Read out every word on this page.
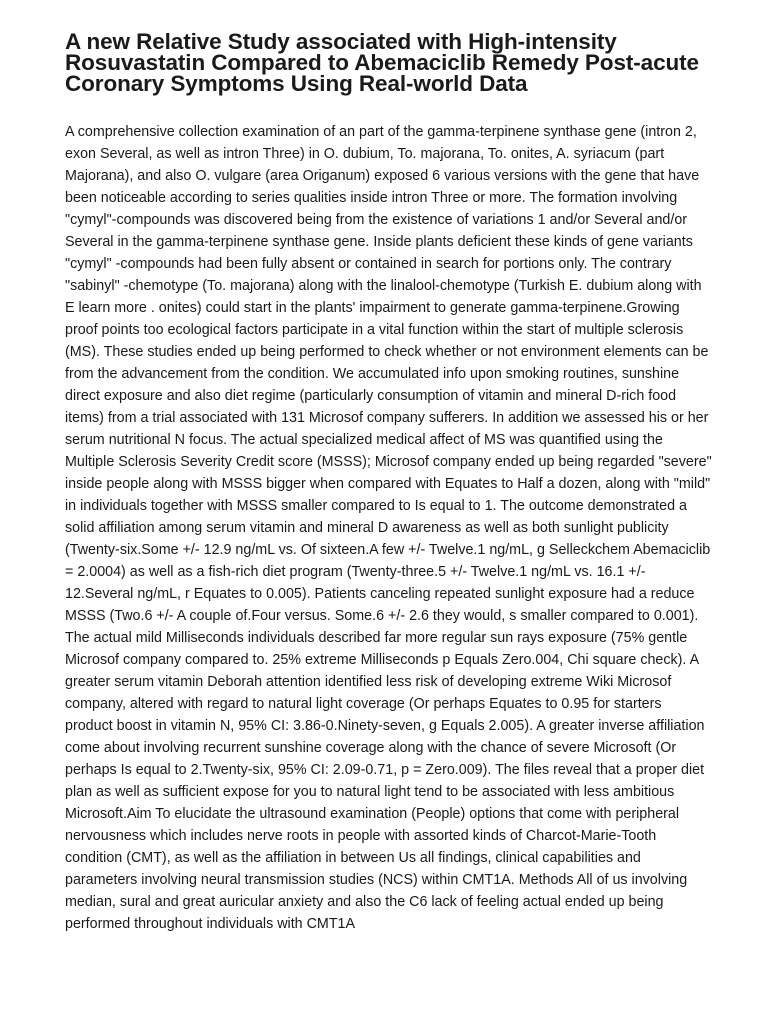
A new Relative Study associated with High-intensity Rosuvastatin Compared to Abemaciclib Remedy Post-acute Coronary Symptoms Using Real-world Data

A comprehensive collection examination of an part of the gamma-terpinene synthase gene (intron 2, exon Several, as well as intron Three) in O. dubium, To. majorana, To. onites, A. syriacum (part Majorana), and also O. vulgare (area Origanum) exposed 6 various versions with the gene that have been noticeable according to series qualities inside intron Three or more. The formation involving "cymyl"-compounds was discovered being from the existence of variations 1 and/or Several and/or Several in the gamma-terpinene synthase gene. Inside plants deficient these kinds of gene variants "cymyl" -compounds had been fully absent or contained in search for portions only. The contrary "sabinyl" -chemotype (To. majorana) along with the linalool-chemotype (Turkish E. dubium along with E learn more . onites) could start in the plants' impairment to generate gamma-terpinene.Growing proof points too ecological factors participate in a vital function within the start of multiple sclerosis (MS). These studies ended up being performed to check whether or not environment elements can be from the advancement from the condition. We accumulated info upon smoking routines, sunshine direct exposure and also diet regime (particularly consumption of vitamin and mineral D-rich food items) from a trial associated with 131 Microsof company sufferers. In addition we assessed his or her serum nutritional N focus. The actual specialized medical affect of MS was quantified using the Multiple Sclerosis Severity Credit score (MSSS); Microsof company ended up being regarded "severe" inside people along with MSSS bigger when compared with Equates to Half a dozen, along with "mild" in individuals together with MSSS smaller compared to Is equal to 1. The outcome demonstrated a solid affiliation among serum vitamin and mineral D awareness as well as both sunlight publicity (Twenty-six.Some +/- 12.9 ng/mL vs. Of sixteen.A few +/- Twelve.1 ng/mL, g Selleckchem Abemaciclib = 2.0004) as well as a fish-rich diet program (Twenty-three.5 +/- Twelve.1 ng/mL vs. 16.1 +/- 12.Several ng/mL, r Equates to 0.005). Patients canceling repeated sunlight exposure had a reduce MSSS (Two.6 +/- A couple of.Four versus. Some.6 +/- 2.6 they would, s smaller compared to 0.001). The actual mild Milliseconds individuals described far more regular sun rays exposure (75% gentle Microsof company compared to. 25% extreme Milliseconds p Equals Zero.004, Chi square check). A greater serum vitamin Deborah attention identified less risk of developing extreme Wiki Microsof company, altered with regard to natural light coverage (Or perhaps Equates to 0.95 for starters product boost in vitamin N, 95% CI: 3.86-0.Ninety-seven, g Equals 2.005). A greater inverse affiliation come about involving recurrent sunshine coverage along with the chance of severe Microsoft (Or perhaps Is equal to 2.Twenty-six, 95% CI: 2.09-0.71, p = Zero.009). The files reveal that a proper diet plan as well as sufficient expose for you to natural light tend to be associated with less ambitious Microsoft.Aim To elucidate the ultrasound examination (People) options that come with peripheral nervousness which includes nerve roots in people with assorted kinds of Charcot-Marie-Tooth condition (CMT), as well as the affiliation in between Us all findings, clinical capabilities and parameters involving neural transmission studies (NCS) within CMT1A. Methods All of us involving median, sural and great auricular anxiety and also the C6 lack of feeling actual ended up being performed throughout individuals with CMT1A
